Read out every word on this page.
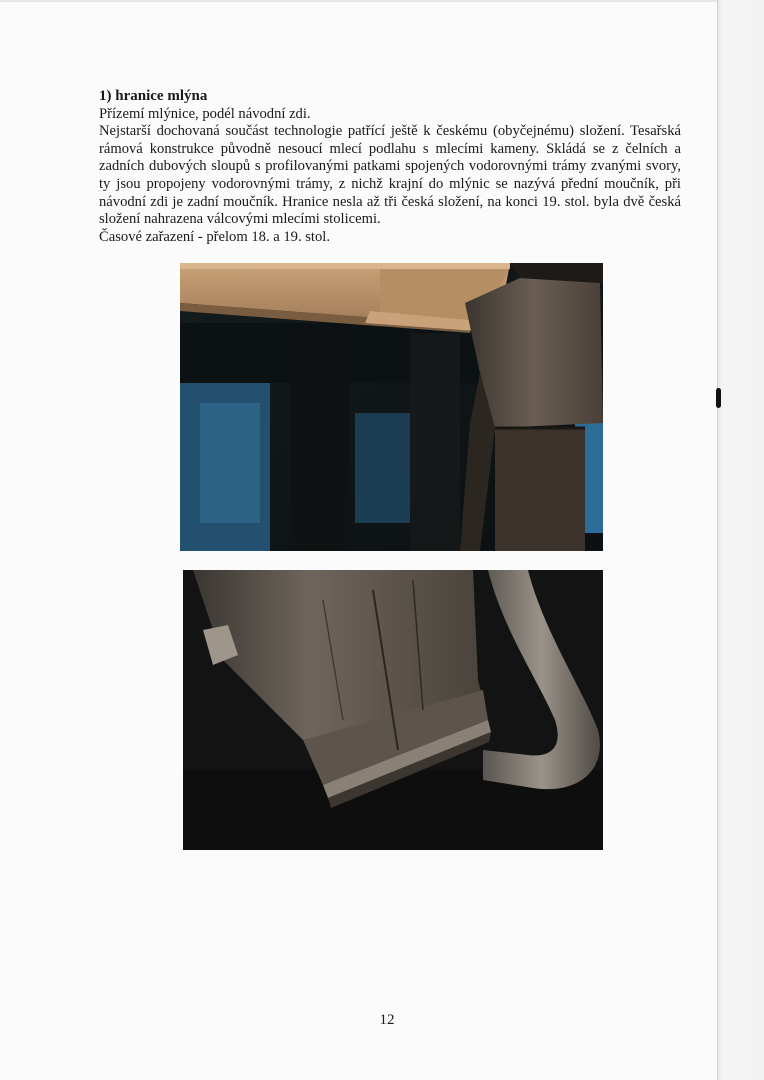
1) hranice mlýna

Přízemí mlýnice, podél návodní zdi.

Nejstarší dochovaná součást technologie patřící ještě k českému (obyčejnému) složení. Tesařská rámová konstrukce původně nesoucí mlecí podlahu s mlecími kameny. Skládá se z čelních a zadních dubových sloupů s profilovanými patkami spojených vodorovnými trámy zvanými svory, ty jsou propojeny vodorovnými trámy, z nichž krajní do mlýnic se nazývá přední moučník, při návodní zdi je zadní moučník. Hranice nesla až tři česká složení, na konci 19. stol. byla dvě česká složení nahrazena válcovými mlecími stolicemi.

Časové zařazení - přelom 18. a 19. stol.

12
